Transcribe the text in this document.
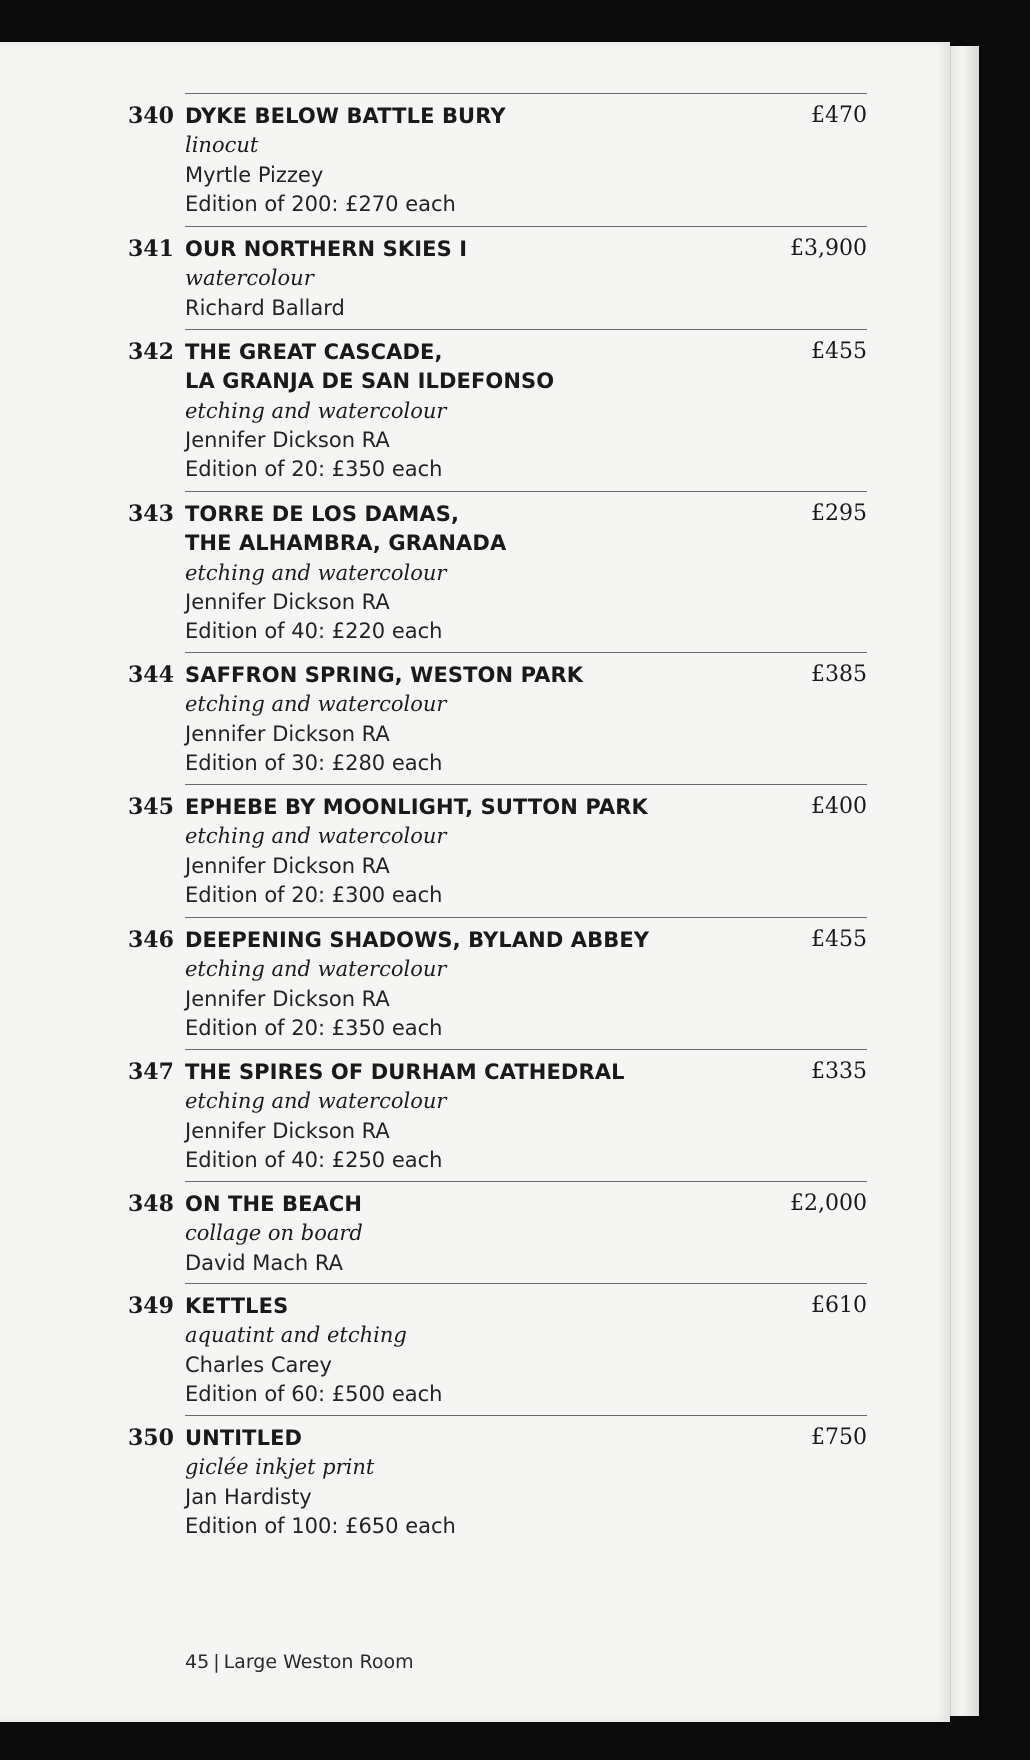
340 DYKE BELOW BATTLE BURY
linocut
Myrtle Pizzey
Edition of 200: £270 each
£470
341 OUR NORTHERN SKIES I
watercolour
Richard Ballard
£3,900
342 THE GREAT CASCADE,
LA GRANJA DE SAN ILDEFONSO
etching and watercolour
Jennifer Dickson RA
Edition of 20: £350 each
£455
343 TORRE DE LOS DAMAS,
THE ALHAMBRA, GRANADA
etching and watercolour
Jennifer Dickson RA
Edition of 40: £220 each
£295
344 SAFFRON SPRING, WESTON PARK
etching and watercolour
Jennifer Dickson RA
Edition of 30: £280 each
£385
345 EPHEBE BY MOONLIGHT, SUTTON PARK
etching and watercolour
Jennifer Dickson RA
Edition of 20: £300 each
£400
346 DEEPENING SHADOWS, BYLAND ABBEY
etching and watercolour
Jennifer Dickson RA
Edition of 20: £350 each
£455
347 THE SPIRES OF DURHAM CATHEDRAL
etching and watercolour
Jennifer Dickson RA
Edition of 40: £250 each
£335
348 ON THE BEACH
collage on board
David Mach RA
£2,000
349 KETTLES
aquatint and etching
Charles Carey
Edition of 60: £500 each
£610
350 UNTITLED
giclée inkjet print
Jan Hardisty
Edition of 100: £650 each
£750
45 | Large Weston Room
